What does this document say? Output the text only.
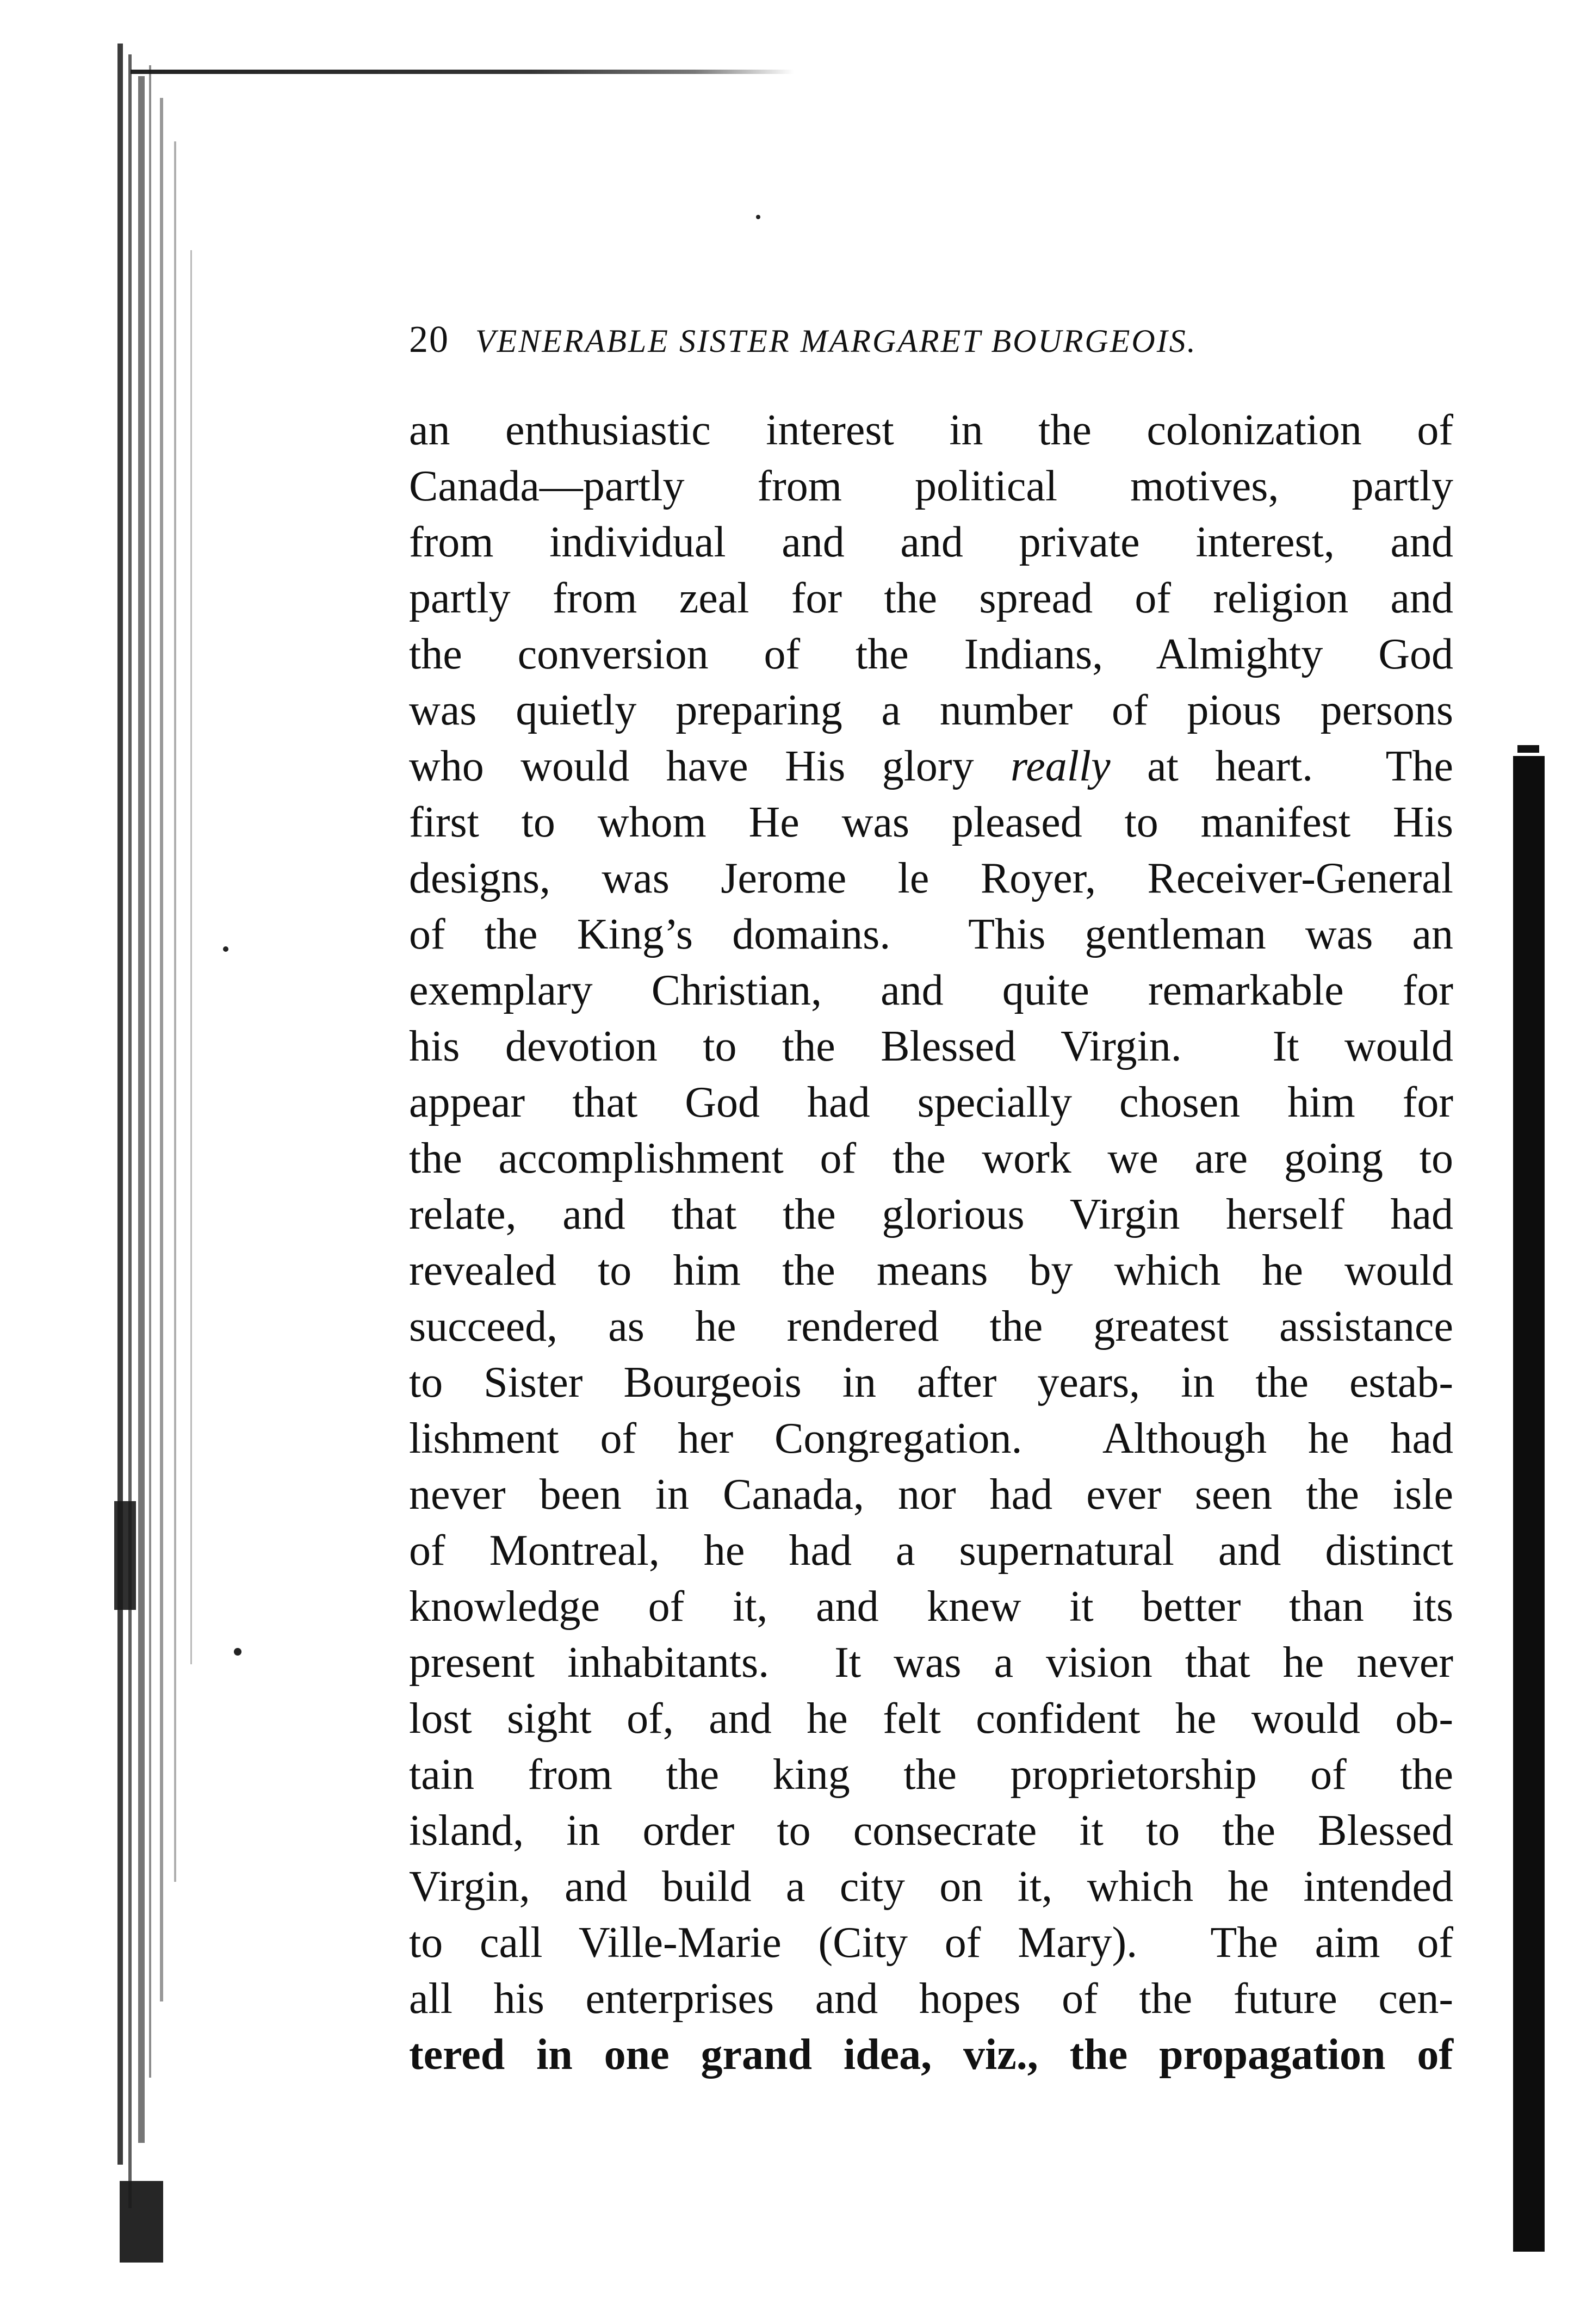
20 VENERABLE SISTER MARGARET BOURGEOIS.
an enthusiastic interest in the colonization of
Canada—partly from political motives, partly
from individual and and private interest, and
partly from zeal for the spread of religion and
the conversion of the Indians, Almighty God
was quietly preparing a number of pious persons
who would have His glory really at heart.  The
first to whom He was pleased to manifest His
designs, was Jerome le Royer, Receiver-General
of the King’s domains.  This gentleman was an
exemplary Christian, and quite remarkable for
his devotion to the Blessed Virgin.  It would
appear that God had specially chosen him for
the accomplishment of the work we are going to
relate, and that the glorious Virgin herself had
revealed to him the means by which he would
succeed, as he rendered the greatest assistance
to Sister Bourgeois in after years, in the estab-
lishment of her Congregation.  Although he had
never been in Canada, nor had ever seen the isle
of Montreal, he had a supernatural and distinct
knowledge of it, and knew it better than its
present inhabitants.  It was a vision that he never
lost sight of, and he felt confident he would ob-
tain from the king the proprietorship of the
island, in order to consecrate it to the Blessed
Virgin, and build a city on it, which he intended
to call Ville-Marie (City of Mary).  The aim of
all his enterprises and hopes of the future cen-
tered in one grand idea, viz., the propagation of
